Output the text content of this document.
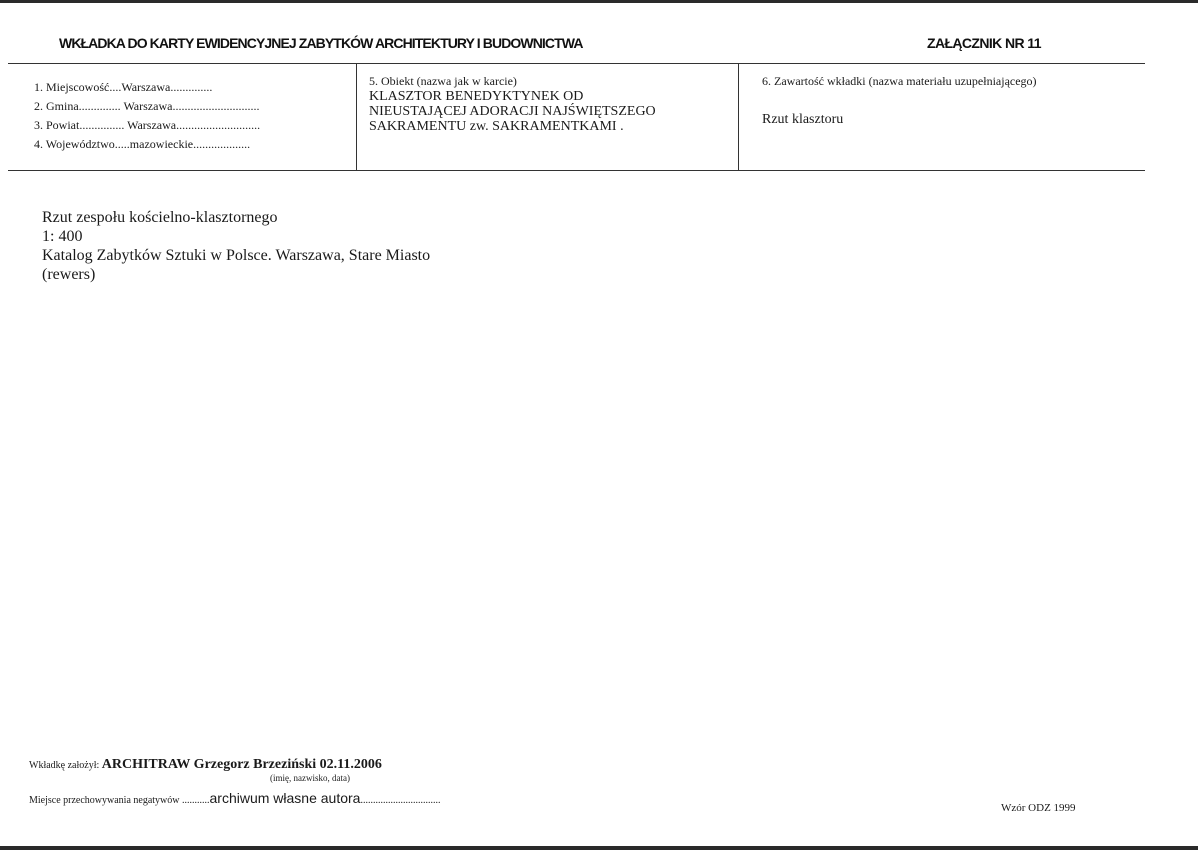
WKŁADKA DO KARTY EWIDENCYJNEJ ZABYTKÓW ARCHITEKTURY I BUDOWNICTWA	ZAŁĄCZNIK NR 11
1. Miejscowość....Warszawa..............
2. Gmina.............. Warszawa.............................
3. Powiat............... Warszawa............................
4. Województwo.....mazowieckie...................
5. Obiekt (nazwa jak w karcie)
KLASZTOR BENEDYKTYNEK OD
NIEUSTAJĄCEJ ADORACJI NAJŚWIĘTSZEGO
SAKRAMENTU zw. SAKRAMENTKAMI .
6. Zawartość wkładki (nazwa materiału uzupełniającego)
Rzut klasztoru
Rzut zespołu kościelno-klasztornego
1: 400
Katalog Zabytków Sztuki w Polsce. Warszawa, Stare Miasto
(rewers)
Wkładkę założył: ARCHITRAW Grzegorz Brzeziński 02.11.2006
(imię, nazwisko, data)
Miejsce przechowywania negatywów ...........archiwum własne autora................................
Wzór ODZ 1999
